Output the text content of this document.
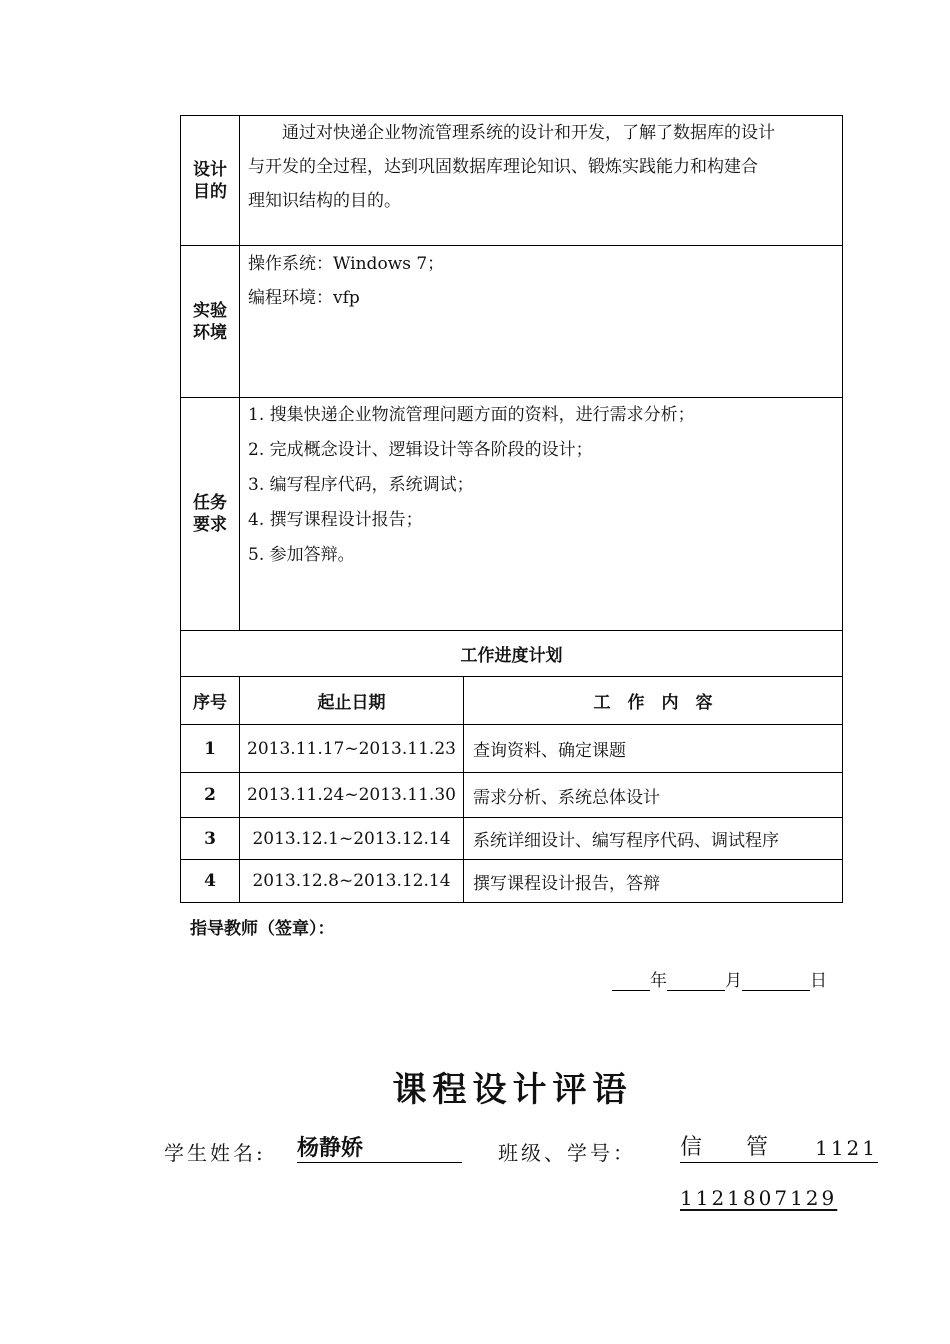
设计
目的	通过对快递企业物流管理系统的设计和开发，了解了数据库的设计
与开发的全过程，达到巩固数据库理论知识、锻炼实践能力和构建合
理知识结构的目的。	

实验
环境	操作系统：Windows 7；
编程环境：vfp	

任务
要求	1. 搜集快递企业物流管理问题方面的资料，进行需求分析；
2. 完成概念设计、逻辑设计等各阶段的设计；
3. 编写程序代码，系统调试；
4. 撰写课程设计报告；
5. 参加答辩。	

工作进度计划		
序号	起止日期	工　作　内　容
1	2013.11.17~2013.11.23	查询资料、确定课题
2	2013.11.24~2013.11.30	需求分析、系统总体设计
3	2013.12.1~2013.12.14	系统详细设计、编写程序代码、调试程序
4	2013.12.8~2013.12.14	撰写课程设计报告，答辩
指导教师（签章）：
年	月	日
课程设计评语
学生姓名: 杨静娇	班级、学号： 信管 1121
1121807129
